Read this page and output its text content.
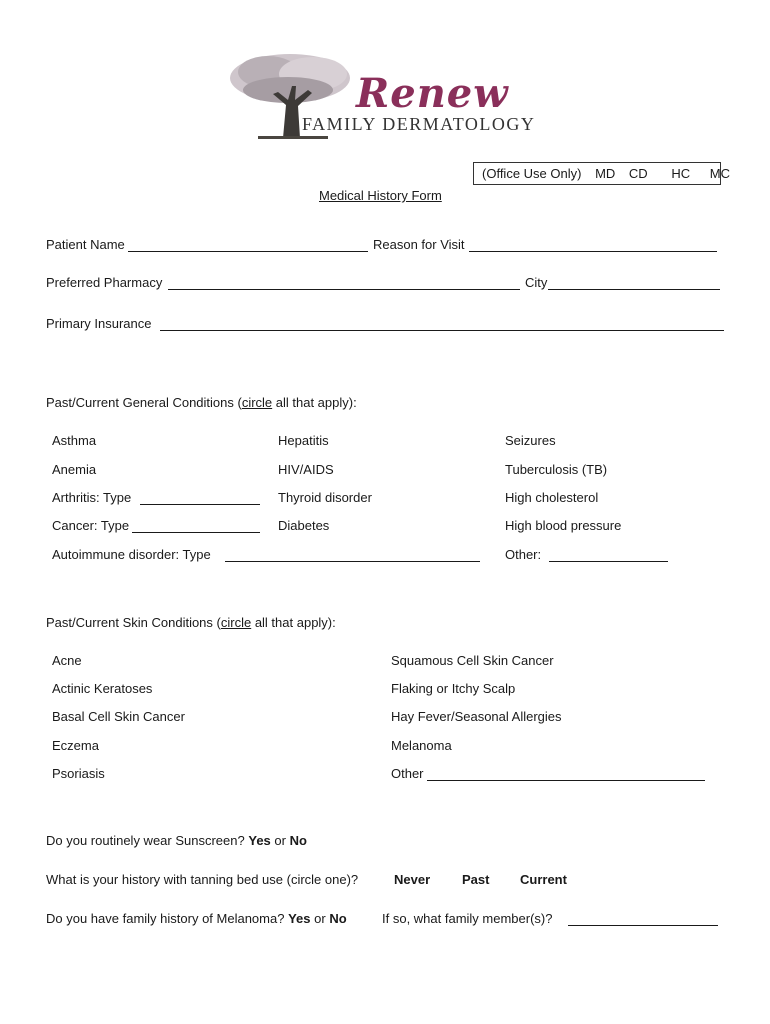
Renew
FAMILY DERMATOLOGY
(Office Use Only) MD CD HC MC
Medical History Form
Patient Name	Reason for Visit
Preferred Pharmacy	City
Primary Insurance
Past/Current General Conditions (circle all that apply):
Asthma
Anemia
Arthritis: Type
Cancer: Type
Autoimmune disorder: Type
Hepatitis
HIV/AIDS
Thyroid disorder
Diabetes
Seizures
Tuberculosis (TB)
High cholesterol
High blood pressure
Other:
Past/Current Skin Conditions (circle all that apply):
Acne
Actinic Keratoses
Basal Cell Skin Cancer
Eczema
Psoriasis
Squamous Cell Skin Cancer
Flaking or Itchy Scalp
Hay Fever/Seasonal Allergies
Melanoma
Other
Do you routinely wear Sunscreen? Yes or No
What is your history with tanning bed use (circle one)?	Never Past Current
Do you have family history of Melanoma? Yes or No	If so, what family member(s)?
